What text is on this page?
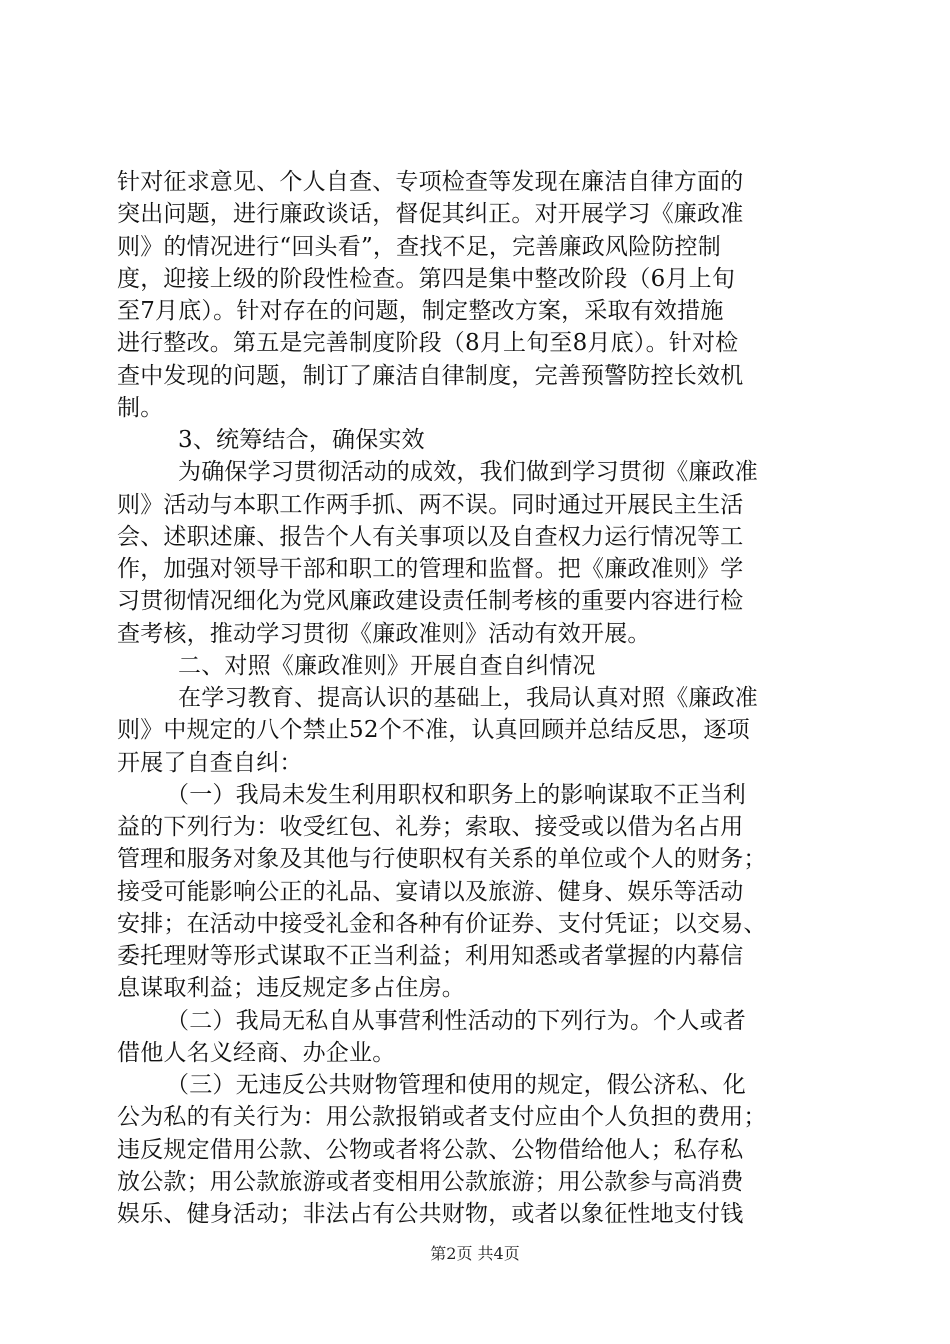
针对征求意见、个人自查、专项检查等发现在廉洁自律方面的
突出问题，进行廉政谈话，督促其纠正。对开展学习《廉政准
则》的情况进行“回头看”，查找不足，完善廉政风险防控制
度，迎接上级的阶段性检查。第四是集中整改阶段（6月上旬
至7月底）。针对存在的问题，制定整改方案，采取有效措施
进行整改。第五是完善制度阶段（8月上旬至8月底）。针对检
查中发现的问题，制订了廉洁自律制度，完善预警防控长效机
制。
3、统筹结合，确保实效
为确保学习贯彻活动的成效，我们做到学习贯彻《廉政准
则》活动与本职工作两手抓、两不误。同时通过开展民主生活
会、述职述廉、报告个人有关事项以及自查权力运行情况等工
作，加强对领导干部和职工的管理和监督。把《廉政准则》学
习贯彻情况细化为党风廉政建设责任制考核的重要内容进行检
查考核，推动学习贯彻《廉政准则》活动有效开展。
二、对照《廉政准则》开展自查自纠情况
在学习教育、提高认识的基础上，我局认真对照《廉政准
则》中规定的八个禁止52个不准，认真回顾并总结反思，逐项
开展了自查自纠：
（一）我局未发生利用职权和职务上的影响谋取不正当利
益的下列行为：收受红包、礼券；索取、接受或以借为名占用
管理和服务对象及其他与行使职权有关系的单位或个人的财务；
接受可能影响公正的礼品、宴请以及旅游、健身、娱乐等活动
安排；在活动中接受礼金和各种有价证券、支付凭证；以交易、
委托理财等形式谋取不正当利益；利用知悉或者掌握的内幕信
息谋取利益；违反规定多占住房。
（二）我局无私自从事营利性活动的下列行为。个人或者
借他人名义经商、办企业。
（三）无违反公共财物管理和使用的规定，假公济私、化
公为私的有关行为：用公款报销或者支付应由个人负担的费用；
违反规定借用公款、公物或者将公款、公物借给他人；私存私
放公款；用公款旅游或者变相用公款旅游；用公款参与高消费
娱乐、健身活动；非法占有公共财物，或者以象征性地支付钱
第2页 共4页
